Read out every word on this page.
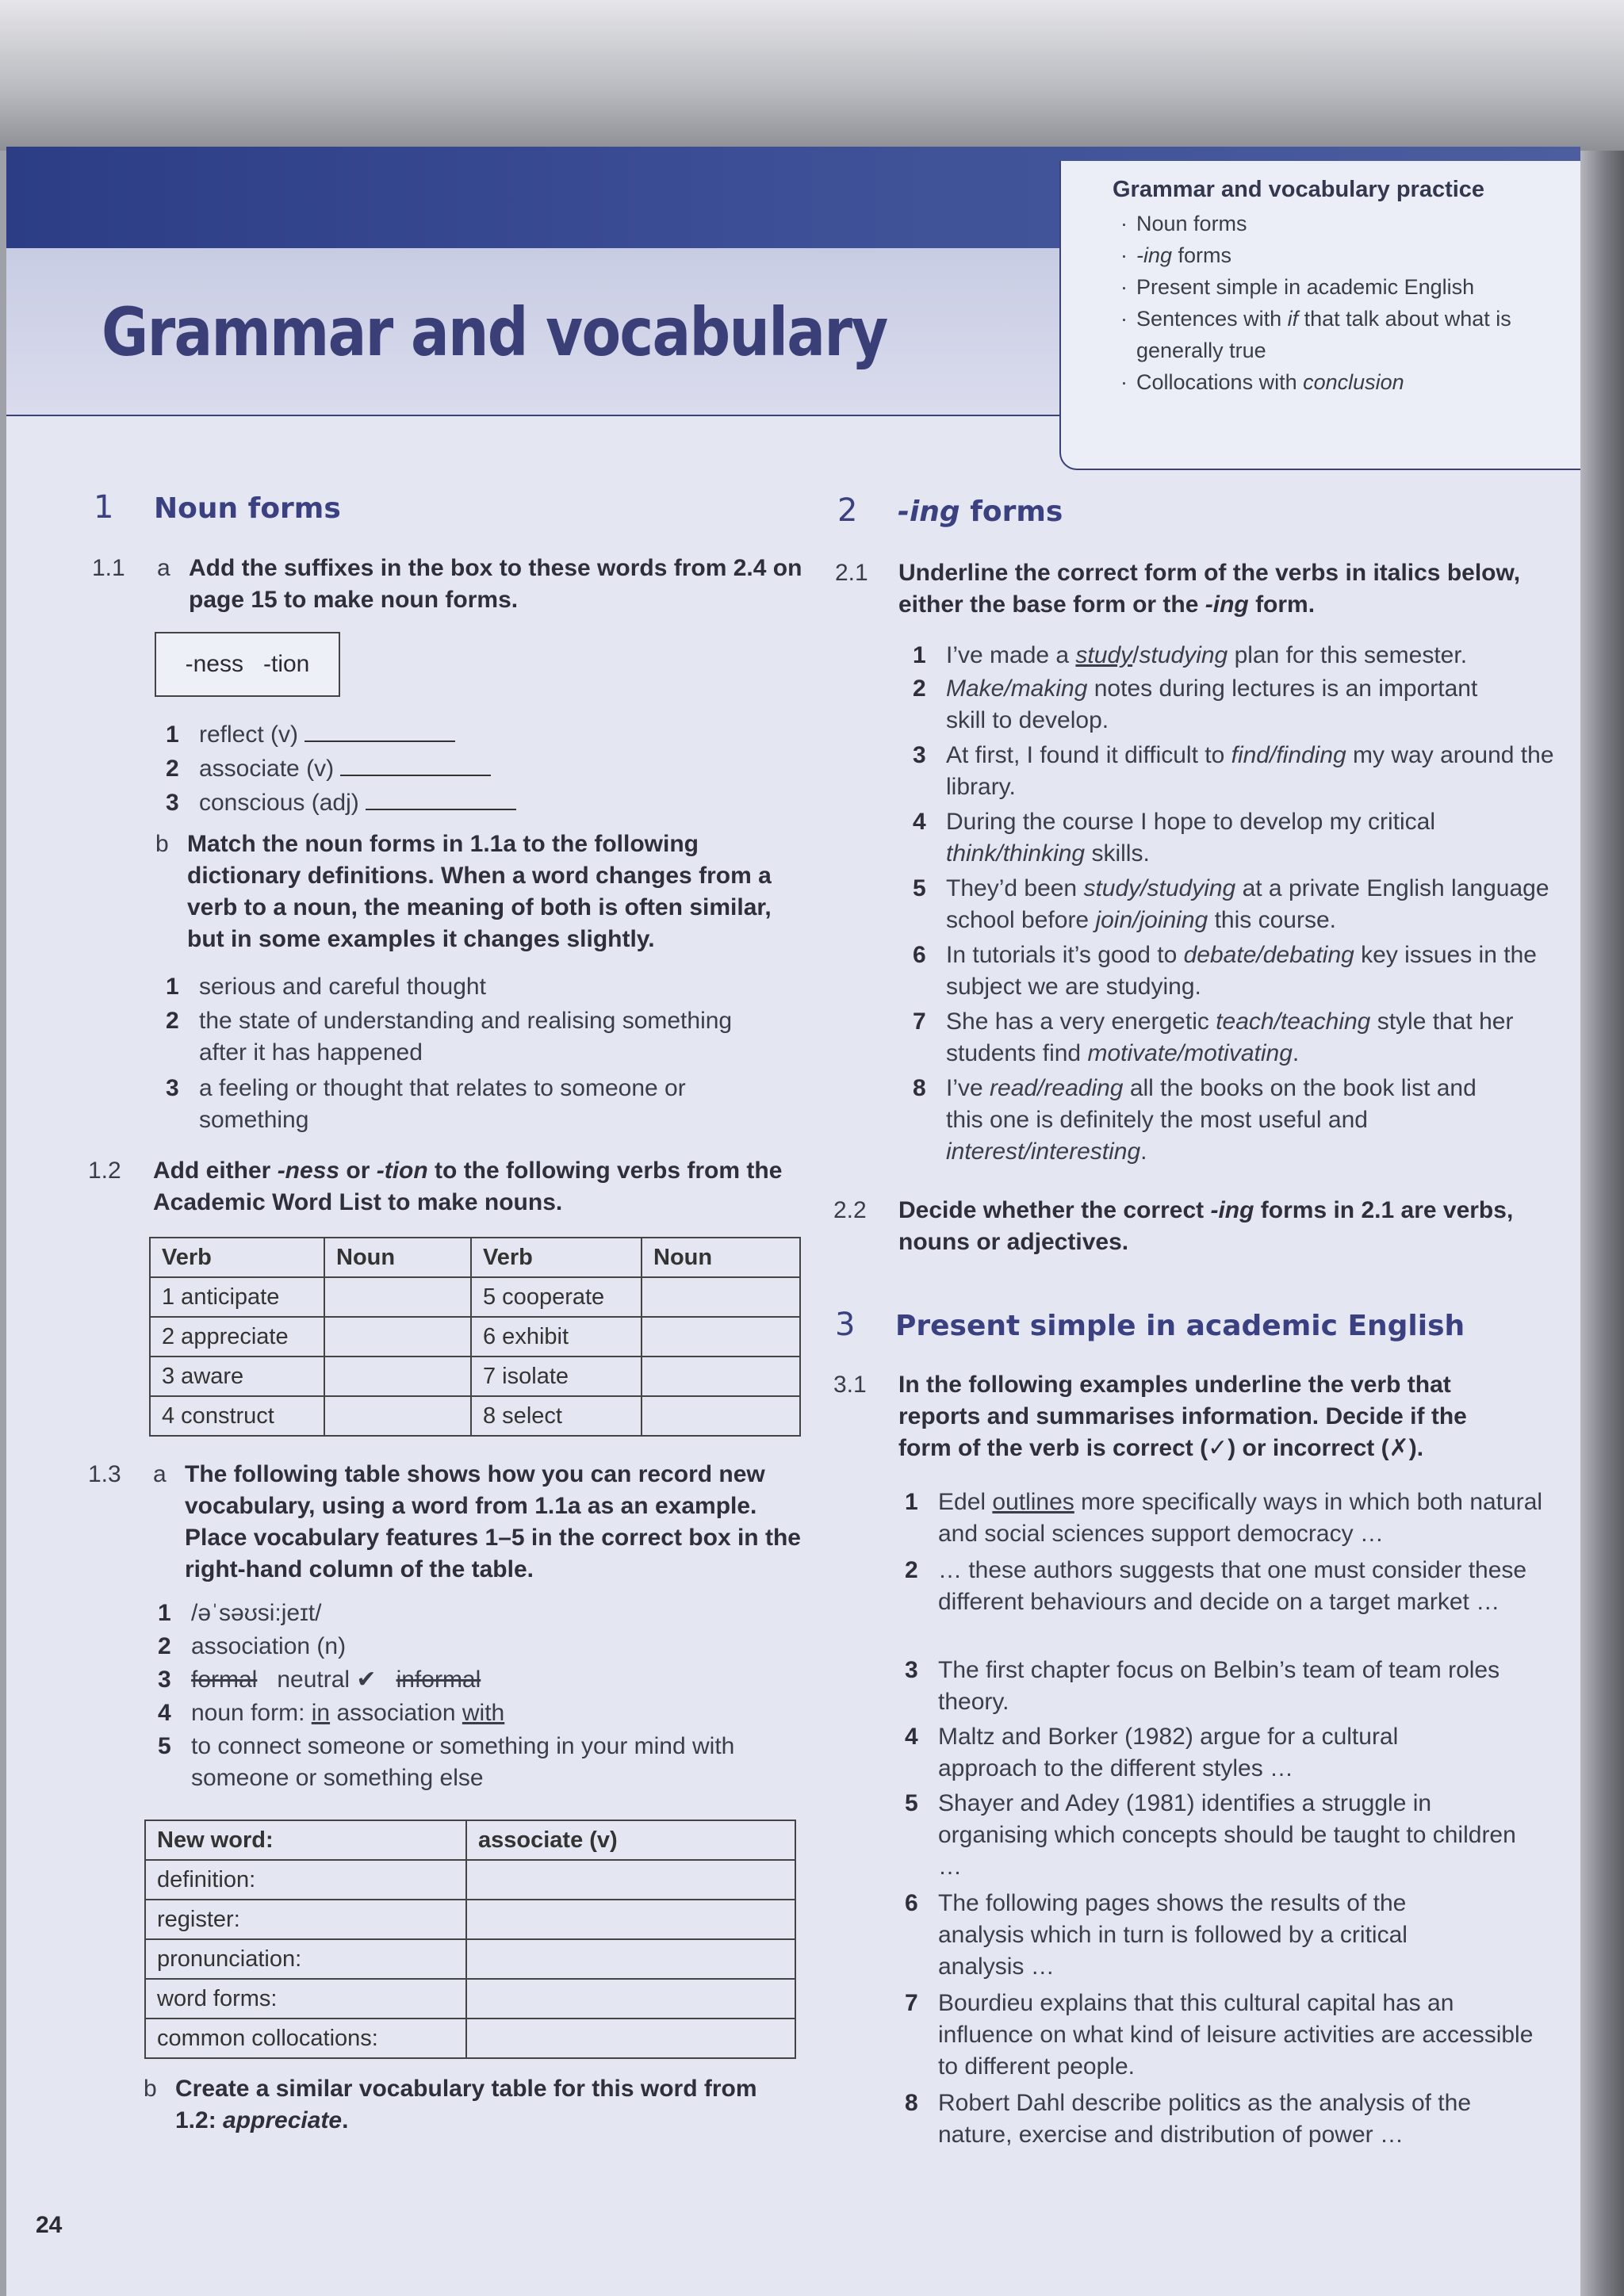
Grammar and vocabulary
Grammar and vocabulary practice
· Noun forms
· -ing forms
· Present simple in academic English
· Sentences with if that talk about what is generally true
· Collocations with conclusion
1 Noun forms
1.1 a Add the suffixes in the box to these words from 2.4 on page 15 to make noun forms.
-ness   -tion
1 reflect (v)
2 associate (v)
3 conscious (adj)
b Match the noun forms in 1.1a to the following dictionary definitions. When a word changes from a verb to a noun, the meaning of both is often similar, but in some examples it changes slightly.
1 serious and careful thought
2 the state of understanding and realising something after it has happened
3 a feeling or thought that relates to someone or something
1.2 Add either -ness or -tion to the following verbs from the Academic Word List to make nouns.
Verb	Noun	Verb	Noun
1 anticipate		5 cooperate	
2 appreciate		6 exhibit	
3 aware		7 isolate	
4 construct		8 select	
1.3 a The following table shows how you can record new vocabulary, using a word from 1.1a as an example. Place vocabulary features 1–5 in the correct box in the right-hand column of the table.
1 /əˈsəʊsi:jeɪt/
2 association (n)
3 formal   neutral ✔   informal
4 noun form: in association with
5 to connect someone or something in your mind with someone or something else
New word:	associate (v)
definition:	
register:	
pronunciation:	
word forms:	
common collocations:	
b Create a similar vocabulary table for this word from 1.2: appreciate.
2 -ing forms
2.1 Underline the correct form of the verbs in italics below, either the base form or the -ing form.
1 I’ve made a study/studying plan for this semester.
2 Make/making notes during lectures is an important skill to develop.
3 At first, I found it difficult to find/finding my way around the library.
4 During the course I hope to develop my critical think/thinking skills.
5 They’d been study/studying at a private English language school before join/joining this course.
6 In tutorials it’s good to debate/debating key issues in the subject we are studying.
7 She has a very energetic teach/teaching style that her students find motivate/motivating.
8 I’ve read/reading all the books on the book list and this one is definitely the most useful and interest/interesting.
2.2 Decide whether the correct -ing forms in 2.1 are verbs, nouns or adjectives.
3 Present simple in academic English
3.1 In the following examples underline the verb that reports and summarises information. Decide if the form of the verb is correct (✓) or incorrect (✗).
1 Edel outlines more specifically ways in which both natural and social sciences support democracy …
2 … these authors suggests that one must consider these different behaviours and decide on a target market …
3 The first chapter focus on Belbin’s team of team roles theory.
4 Maltz and Borker (1982) argue for a cultural approach to the different styles …
5 Shayer and Adey (1981) identifies a struggle in organising which concepts should be taught to children …
6 The following pages shows the results of the analysis which in turn is followed by a critical analysis …
7 Bourdieu explains that this cultural capital has an influence on what kind of leisure activities are accessible to different people.
8 Robert Dahl describe politics as the analysis of the nature, exercise and distribution of power …
24
